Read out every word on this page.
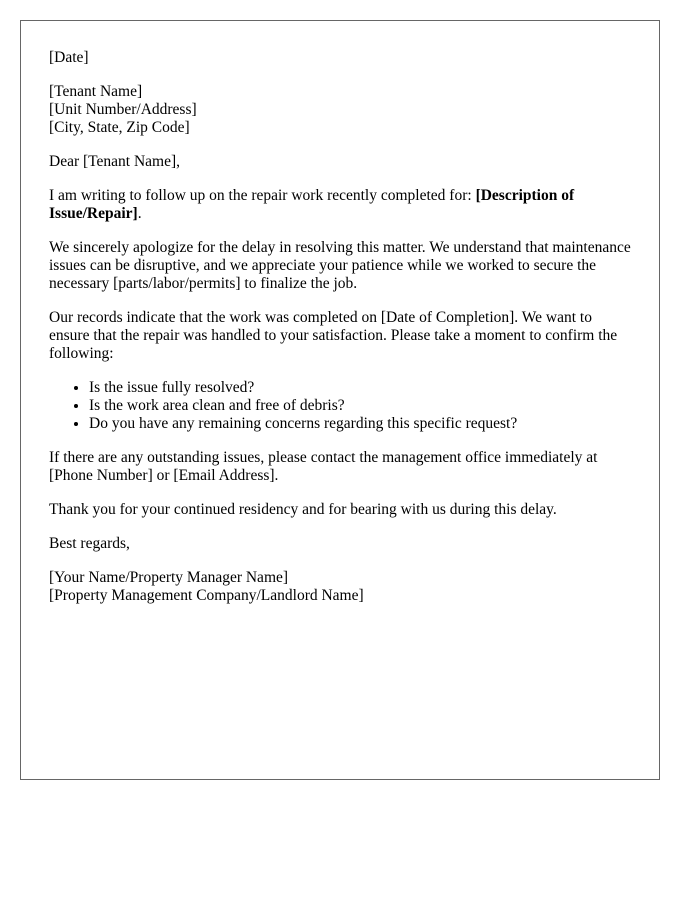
[Date]

[Tenant Name]
[Unit Number/Address]
[City, State, Zip Code]

Dear [Tenant Name],

I am writing to follow up on the repair work recently completed for: [Description of Issue/Repair].

We sincerely apologize for the delay in resolving this matter. We understand that maintenance issues can be disruptive, and we appreciate your patience while we worked to secure the necessary [parts/labor/permits] to finalize the job.

Our records indicate that the work was completed on [Date of Completion]. We want to ensure that the repair was handled to your satisfaction. Please take a moment to confirm the following:

• Is the issue fully resolved?
• Is the work area clean and free of debris?
• Do you have any remaining concerns regarding this specific request?

If there are any outstanding issues, please contact the management office immediately at [Phone Number] or [Email Address].

Thank you for your continued residency and for bearing with us during this delay.

Best regards,

[Your Name/Property Manager Name]
[Property Management Company/Landlord Name]
